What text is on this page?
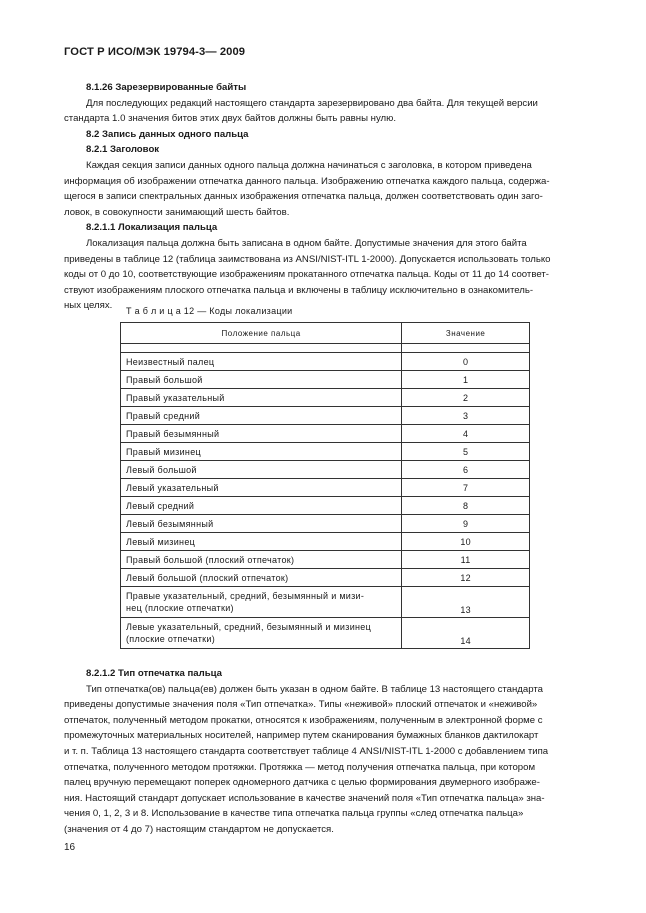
ГОСТ Р ИСО/МЭК 19794-3— 2009
8.1.26 Зарезервированные байты
Для последующих редакций настоящего стандарта зарезервировано два байта. Для текущей версии
стандарта 1.0 значения битов этих двух байтов должны быть равны нулю.
8.2 Запись данных одного пальца
8.2.1 Заголовок
Каждая секция записи данных одного пальца должна начинаться с заголовка, в котором приведена
информация об изображении отпечатка данного пальца. Изображению отпечатка каждого пальца, содержа-
щегося в записи спектральных данных изображения отпечатка пальца, должен соответствовать один заго-
ловок, в совокупности занимающий шесть байтов.
8.2.1.1 Локализация пальца
Локализация пальца должна быть записана в одном байте. Допустимые значения для этого байта
приведены в таблице 12 (таблица заимствована из ANSI/NIST-ITL 1-2000). Допускается использовать только
коды от 0 до 10, соответствующие изображениям прокатанного отпечатка пальца. Коды от 11 до 14 соответ-
ствуют изображениям плоского отпечатка пальца и включены в таблицу исключительно в ознакомитель-
ных целях.	Т а б л и ц а 12 — Коды локализации
Положение пальца	Значение

Неизвестный палец	0
Правый большой	1
Правый указательный	2
Правый средний	3
Правый безымянный	4
Правый мизинец	5
Левый большой	6
Левый указательный	7
Левый средний	8
Левый безымянный	9
Левый мизинец	10
Правый большой (плоский отпечаток)	11
Левый большой (плоский отпечаток)	12
Правые указательный, средний, безымянный и мизи-
нец (плоские отпечатки)	13
Левые указательный, средний, безымянный и мизинец
(плоские отпечатки)	14
8.2.1.2 Тип отпечатка пальца
Тип отпечатка(ов) пальца(ев) должен быть указан в одном байте. В таблице 13 настоящего стандарта
приведены допустимые значения поля «Тип отпечатка». Типы «неживой» плоский отпечаток и «неживой»
отпечаток, полученный методом прокатки, относятся к изображениям, полученным в электронной форме с
промежуточных материальных носителей, например путем сканирования бумажных бланков дактилокарт
и т. п. Таблица 13 настоящего стандарта соответствует таблице 4 ANSI/NIST-ITL 1-2000 с добавлением типа
отпечатка, полученного методом протяжки. Протяжка — метод получения отпечатка пальца, при котором
палец вручную перемещают поперек одномерного датчика с целью формирования двумерного изображе-
ния. Настоящий стандарт допускает использование в качестве значений поля «Тип отпечатка пальца» зна-
чения 0, 1, 2, 3 и 8. Использование в качестве типа отпечатка пальца группы «след отпечатка пальца»
(значения от 4 до 7) настоящим стандартом не допускается.
16
